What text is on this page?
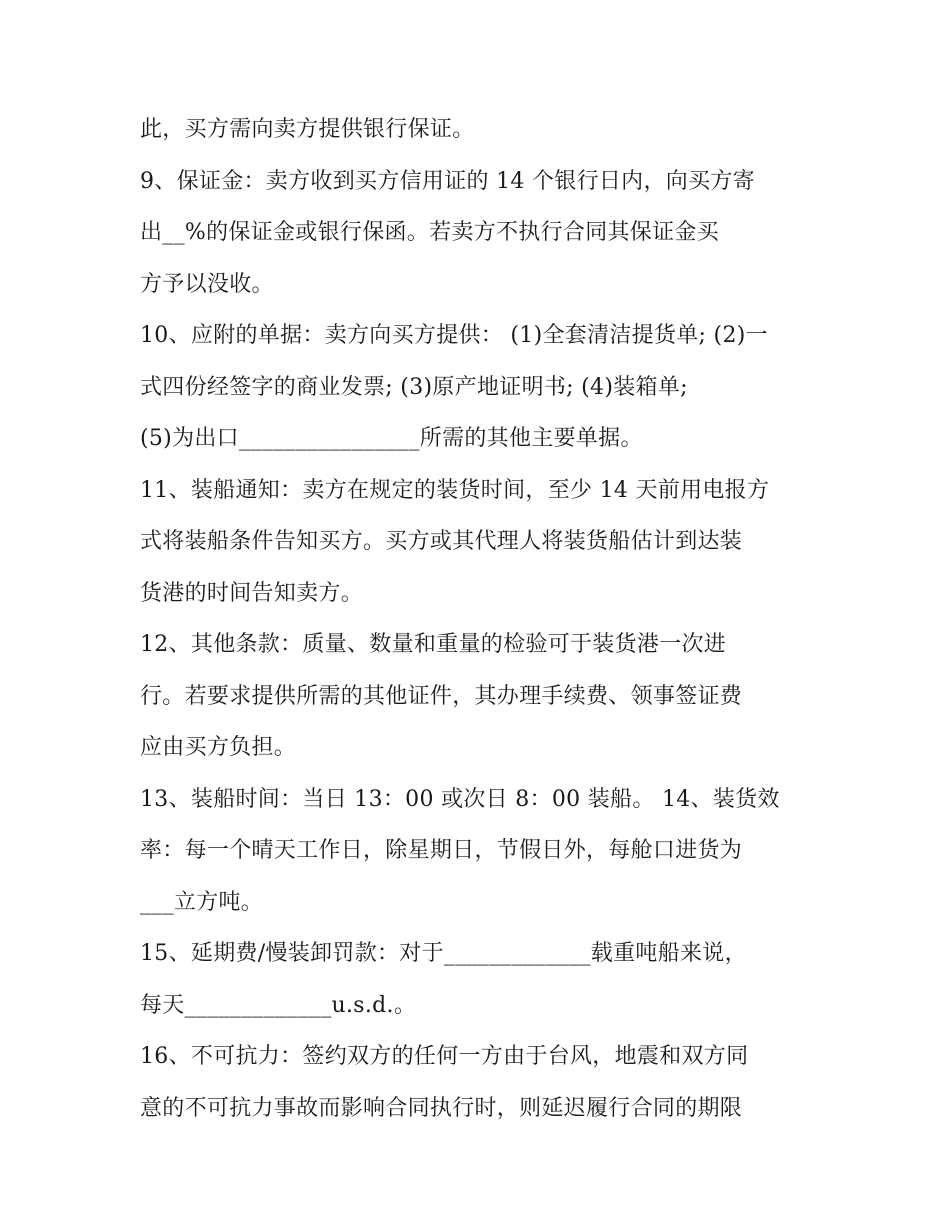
此，买方需向卖方提供银行保证。
9、保证金：卖方收到买方信用证的 14 个银行日内，向买方寄
出__%的保证金或银行保函。若卖方不执行合同其保证金买
方予以没收。
10、应附的单据：卖方向买方提供： (1)全套清洁提货单; (2)一
式四份经签字的商业发票; (3)原产地证明书; (4)装箱单;
(5)为出口________________所需的其他主要单据。
11、装船通知：卖方在规定的装货时间，至少 14 天前用电报方
式将装船条件告知买方。买方或其代理人将装货船估计到达装
货港的时间告知卖方。
12、其他条款：质量、数量和重量的检验可于装货港一次进
行。若要求提供所需的其他证件，其办理手续费、领事签证费
应由买方负担。
13、装船时间：当日 13：00 或次日 8：00 装船。 14、装货效
率：每一个晴天工作日，除星期日，节假日外，每舱口进货为
___立方吨。
15、延期费/慢装卸罚款：对于_____________载重吨船来说，
每天_____________u.s.d.。
16、不可抗力：签约双方的任何一方由于台风，地震和双方同
意的不可抗力事故而影响合同执行时，则延迟履行合同的期限
